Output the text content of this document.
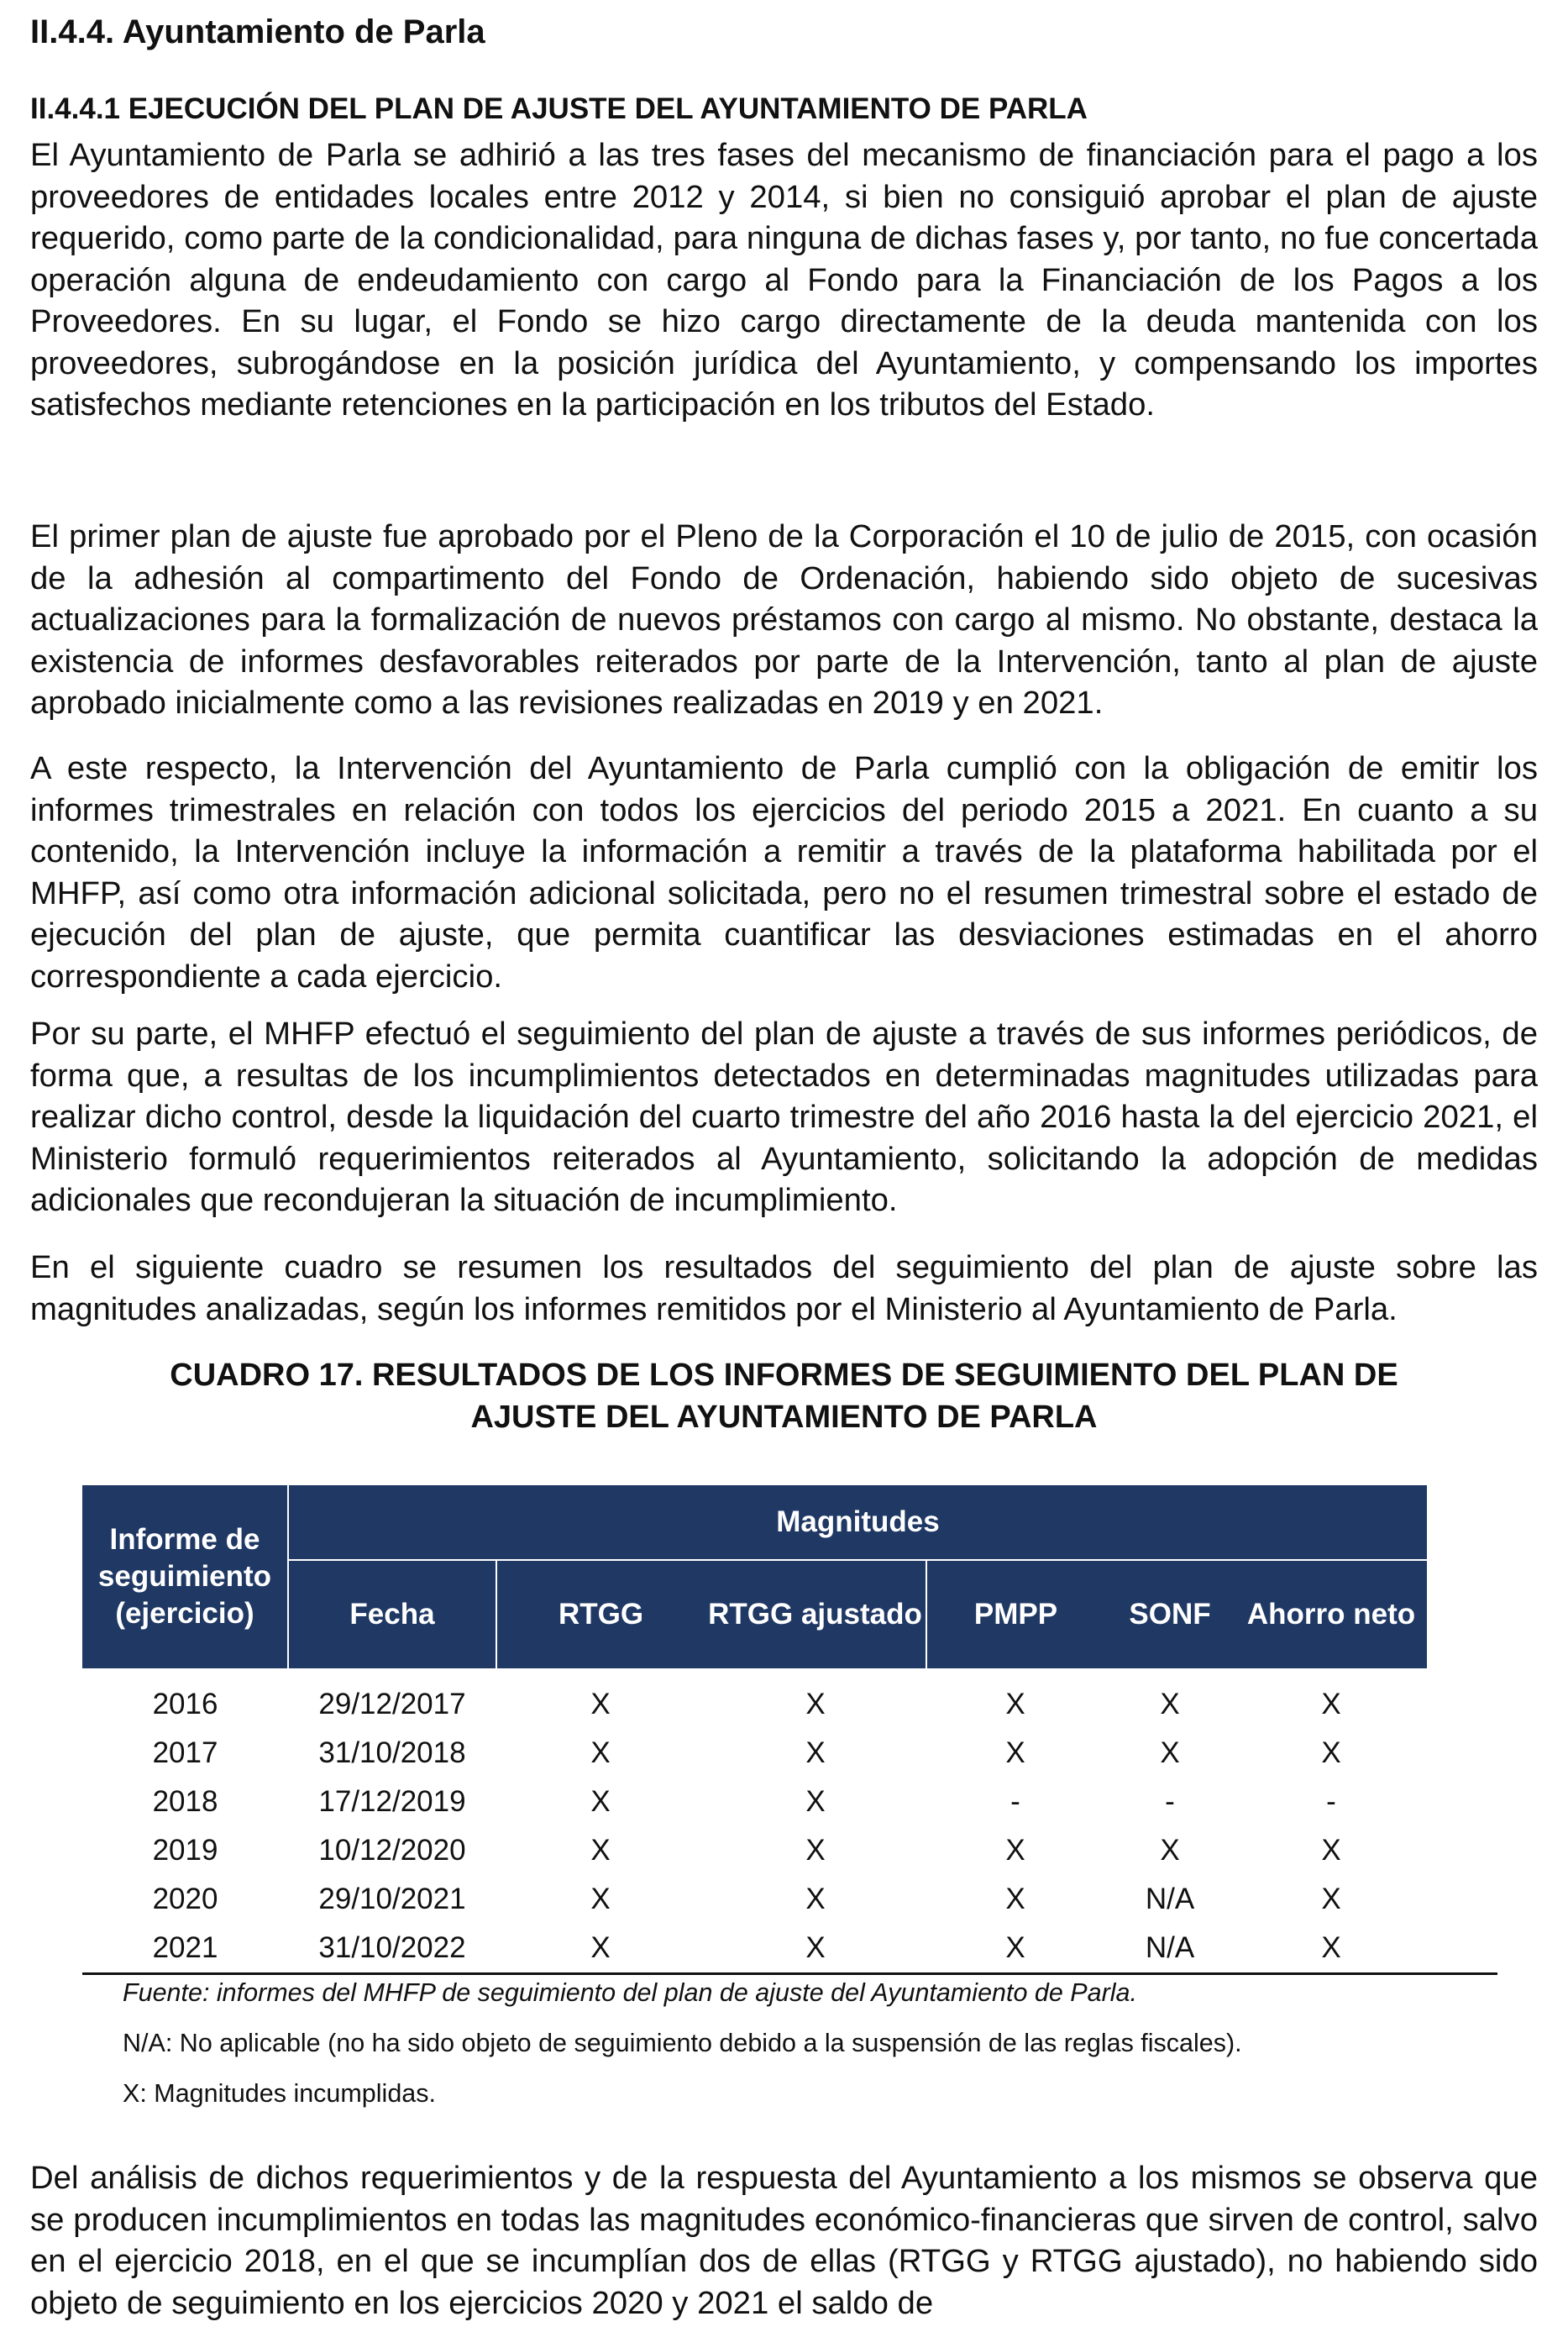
II.4.4. Ayuntamiento de Parla
II.4.4.1 EJECUCIÓN DEL PLAN DE AJUSTE DEL AYUNTAMIENTO DE PARLA

El Ayuntamiento de Parla se adhirió a las tres fases del mecanismo de financiación para el pago a los proveedores de entidades locales entre 2012 y 2014, si bien no consiguió aprobar el plan de ajuste requerido, como parte de la condicionalidad, para ninguna de dichas fases y, por tanto, no fue concertada operación alguna de endeudamiento con cargo al Fondo para la Financiación de los Pagos a los Proveedores. En su lugar, el Fondo se hizo cargo directamente de la deuda mantenida con los proveedores, subrogándose en la posición jurídica del Ayuntamiento, y compensando los importes satisfechos mediante retenciones en la participación en los tributos del Estado.

El primer plan de ajuste fue aprobado por el Pleno de la Corporación el 10 de julio de 2015, con ocasión de la adhesión al compartimento del Fondo de Ordenación, habiendo sido objeto de sucesivas actualizaciones para la formalización de nuevos préstamos con cargo al mismo. No obstante, destaca la existencia de informes desfavorables reiterados por parte de la Intervención, tanto al plan de ajuste aprobado inicialmente como a las revisiones realizadas en 2019 y en 2021.

A este respecto, la Intervención del Ayuntamiento de Parla cumplió con la obligación de emitir los informes trimestrales en relación con todos los ejercicios del periodo 2015 a 2021. En cuanto a su contenido, la Intervención incluye la información a remitir a través de la plataforma habilitada por el MHFP, así como otra información adicional solicitada, pero no el resumen trimestral sobre el estado de ejecución del plan de ajuste, que permita cuantificar las desviaciones estimadas en el ahorro correspondiente a cada ejercicio.

Por su parte, el MHFP efectuó el seguimiento del plan de ajuste a través de sus informes periódicos, de forma que, a resultas de los incumplimientos detectados en determinadas magnitudes utilizadas para realizar dicho control, desde la liquidación del cuarto trimestre del año 2016 hasta la del ejercicio 2021, el Ministerio formuló requerimientos reiterados al Ayuntamiento, solicitando la adopción de medidas adicionales que recondujeran la situación de incumplimiento.

En el siguiente cuadro se resumen los resultados del seguimiento del plan de ajuste sobre las magnitudes analizadas, según los informes remitidos por el Ministerio al Ayuntamiento de Parla.

CUADRO 17. RESULTADOS DE LOS INFORMES DE SEGUIMIENTO DEL PLAN DE
AJUSTE DEL AYUNTAMIENTO DE PARLA
Informe de seguimiento (ejercicio)	Magnitudes						
	Fecha	RTGG	RTGG ajustado	PMPP	SONF	Ahorro neto	
2016	29/12/2017	X	X	X	X	X	
2017	31/10/2018	X	X	X	X	X	
2018	17/12/2019	X	X	-	-	-	
2019	10/12/2020	X	X	X	X	X	
2020	29/10/2021	X	X	X	N/A	X	
2021	31/10/2022	X	X	X	N/A	X	

Fuente: informes del MHFP de seguimiento del plan de ajuste del Ayuntamiento de Parla.

N/A: No aplicable (no ha sido objeto de seguimiento debido a la suspensión de las reglas fiscales).

X: Magnitudes incumplidas.

Del análisis de dichos requerimientos y de la respuesta del Ayuntamiento a los mismos se observa que se producen incumplimientos en todas las magnitudes económico-financieras que sirven de control, salvo en el ejercicio 2018, en el que se incumplían dos de ellas (RTGG y RTGG ajustado), no habiendo sido objeto de seguimiento en los ejercicios 2020 y 2021 el saldo de
